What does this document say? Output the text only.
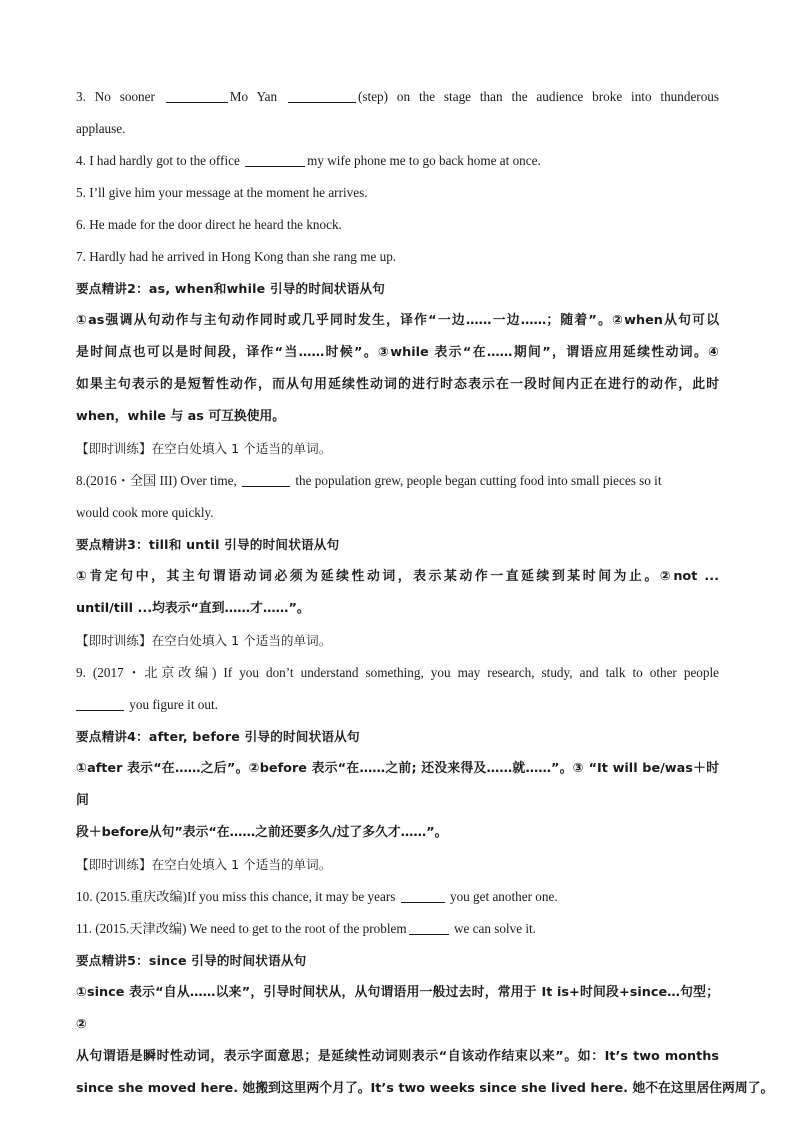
3. No sooner	Mo Yan	(step) on the stage than the audience broke into thunderous
applause.
4. I had hardly got to the office	my wife phone me to go back home at once.
5. I’ll give him your message at the moment he arrives.
6. He made for the door direct he heard the knock.
7. Hardly had he arrived in Hong Kong than she rang me up.
要点精讲2：as, when和while 引导的时间状语从句
①as强调从句动作与主句动作同时或几乎同时发生，译作“一边……一边……；随着”。②when从句可以
是时间点也可以是时间段，译作“当……时候”。③while 表示“在……期间”，谓语应用延续性动词。④
如果主句表示的是短暂性动作，而从句用延续性动词的进行时态表示在一段时间内正在进行的动作，此时
when，while 与 as 可互换使用。
【即时训练】在空白处填入 1 个适当的单词。
8.(2016・全国 III) Over time,	the population grew, people began cutting food into small pieces so it
would cook more quickly.
要点精讲3：till和 until 引导的时间状语从句
①肯定句中，其主句谓语动词必须为延续性动词，表示某动作一直延续到某时间为止。②not ...
until/till ...均表示“直到……才……”。
【即时训练】在空白处填入 1 个适当的单词。
9. (2017・北京改编) If you don’t understand something, you may research, study, and talk to other people
you figure it out.
要点精讲4：after, before 引导的时间状语从句
①after 表示“在……之后”。②before 表示“在……之前; 还没来得及……就……”。③ “It will be/was＋时间
段＋before从句”表示“在……之前还要多久/过了多久才……”。
【即时训练】在空白处填入 1 个适当的单词。
10. (2015.重庆改编)If you miss this chance, it may be years	you get another one.
11. (2015.天津改编) We need to get to the root of the problem	we can solve it.
要点精讲5：since 引导的时间状语从句
①since 表示“自从……以来”，引导时间状从，从句谓语用一般过去时，常用于 It is+时间段+since…句型；②
从句谓语是瞬时性动词，表示字面意思；是延续性动词则表示“自该动作结束以来”。如：It’s two months
since she moved here. 她搬到这里两个月了。It’s two weeks since she lived here. 她不在这里居住两周了。
